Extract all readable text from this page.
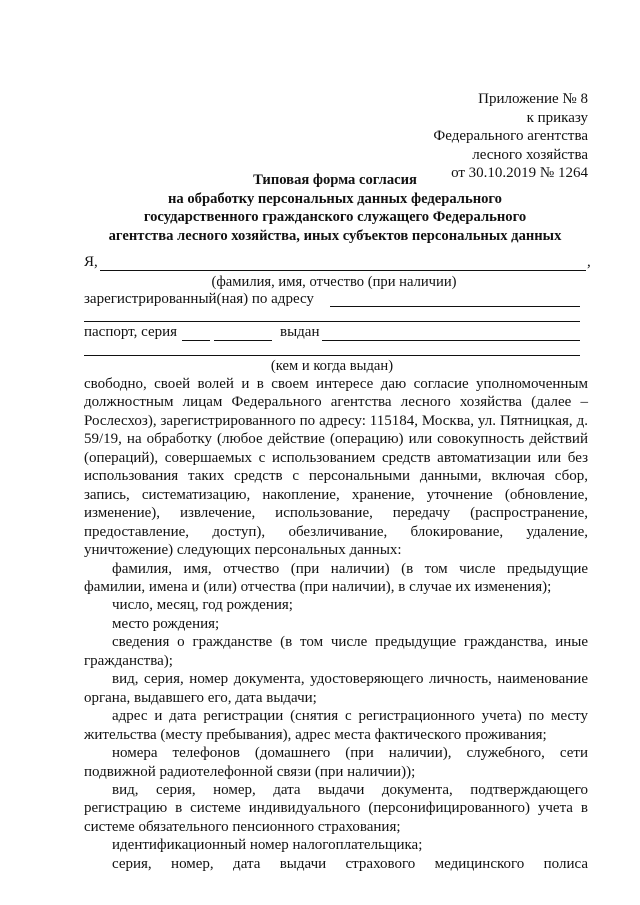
Приложение № 8
к приказу
Федерального агентства
лесного хозяйства
от 30.10.2019 № 1264
Типовая форма согласия
на обработку персональных данных федерального
государственного гражданского служащего Федерального
агентства лесного хозяйства, иных субъектов персональных данных
Я,	,
(фамилия, имя, отчество (при наличии)
зарегистрированный(ная) по адресу
паспорт, серия	выдан
(кем и когда выдан)

свободно, своей волей и в своем интересе даю согласие уполномоченным должностным лицам Федерального агентства лесного хозяйства (далее – Рослесхоз), зарегистрированного по адресу: 115184, Москва, ул. Пятницкая, д. 59/19, на обработку (любое действие (операцию) или совокупность действий (операций), совершаемых с использованием средств автоматизации или без использования таких средств с персональными данными, включая сбор, запись, систематизацию, накопление, хранение, уточнение (обновление, изменение), извлечение, использование, передачу (распространение, предоставление, доступ), обезличивание, блокирование, удаление, уничтожение) следующих персональных данных:

фамилия, имя, отчество (при наличии) (в том числе предыдущие фамилии, имена и (или) отчества (при наличии), в случае их изменения);

число, месяц, год рождения;

место рождения;

сведения о гражданстве (в том числе предыдущие гражданства, иные гражданства);

вид, серия, номер документа, удостоверяющего личность, наименование органа, выдавшего его, дата выдачи;

адрес и дата регистрации (снятия с регистрационного учета) по месту жительства (месту пребывания), адрес места фактического проживания;

номера телефонов (домашнего (при наличии), служебного, сети подвижной радиотелефонной связи (при наличии));

вид, серия, номер, дата выдачи документа, подтверждающего регистрацию в системе индивидуального (персонифицированного) учета в системе обязательного пенсионного страхования;

идентификационный номер налогоплательщика;

серия, номер, дата выдачи страхового медицинского полиса
